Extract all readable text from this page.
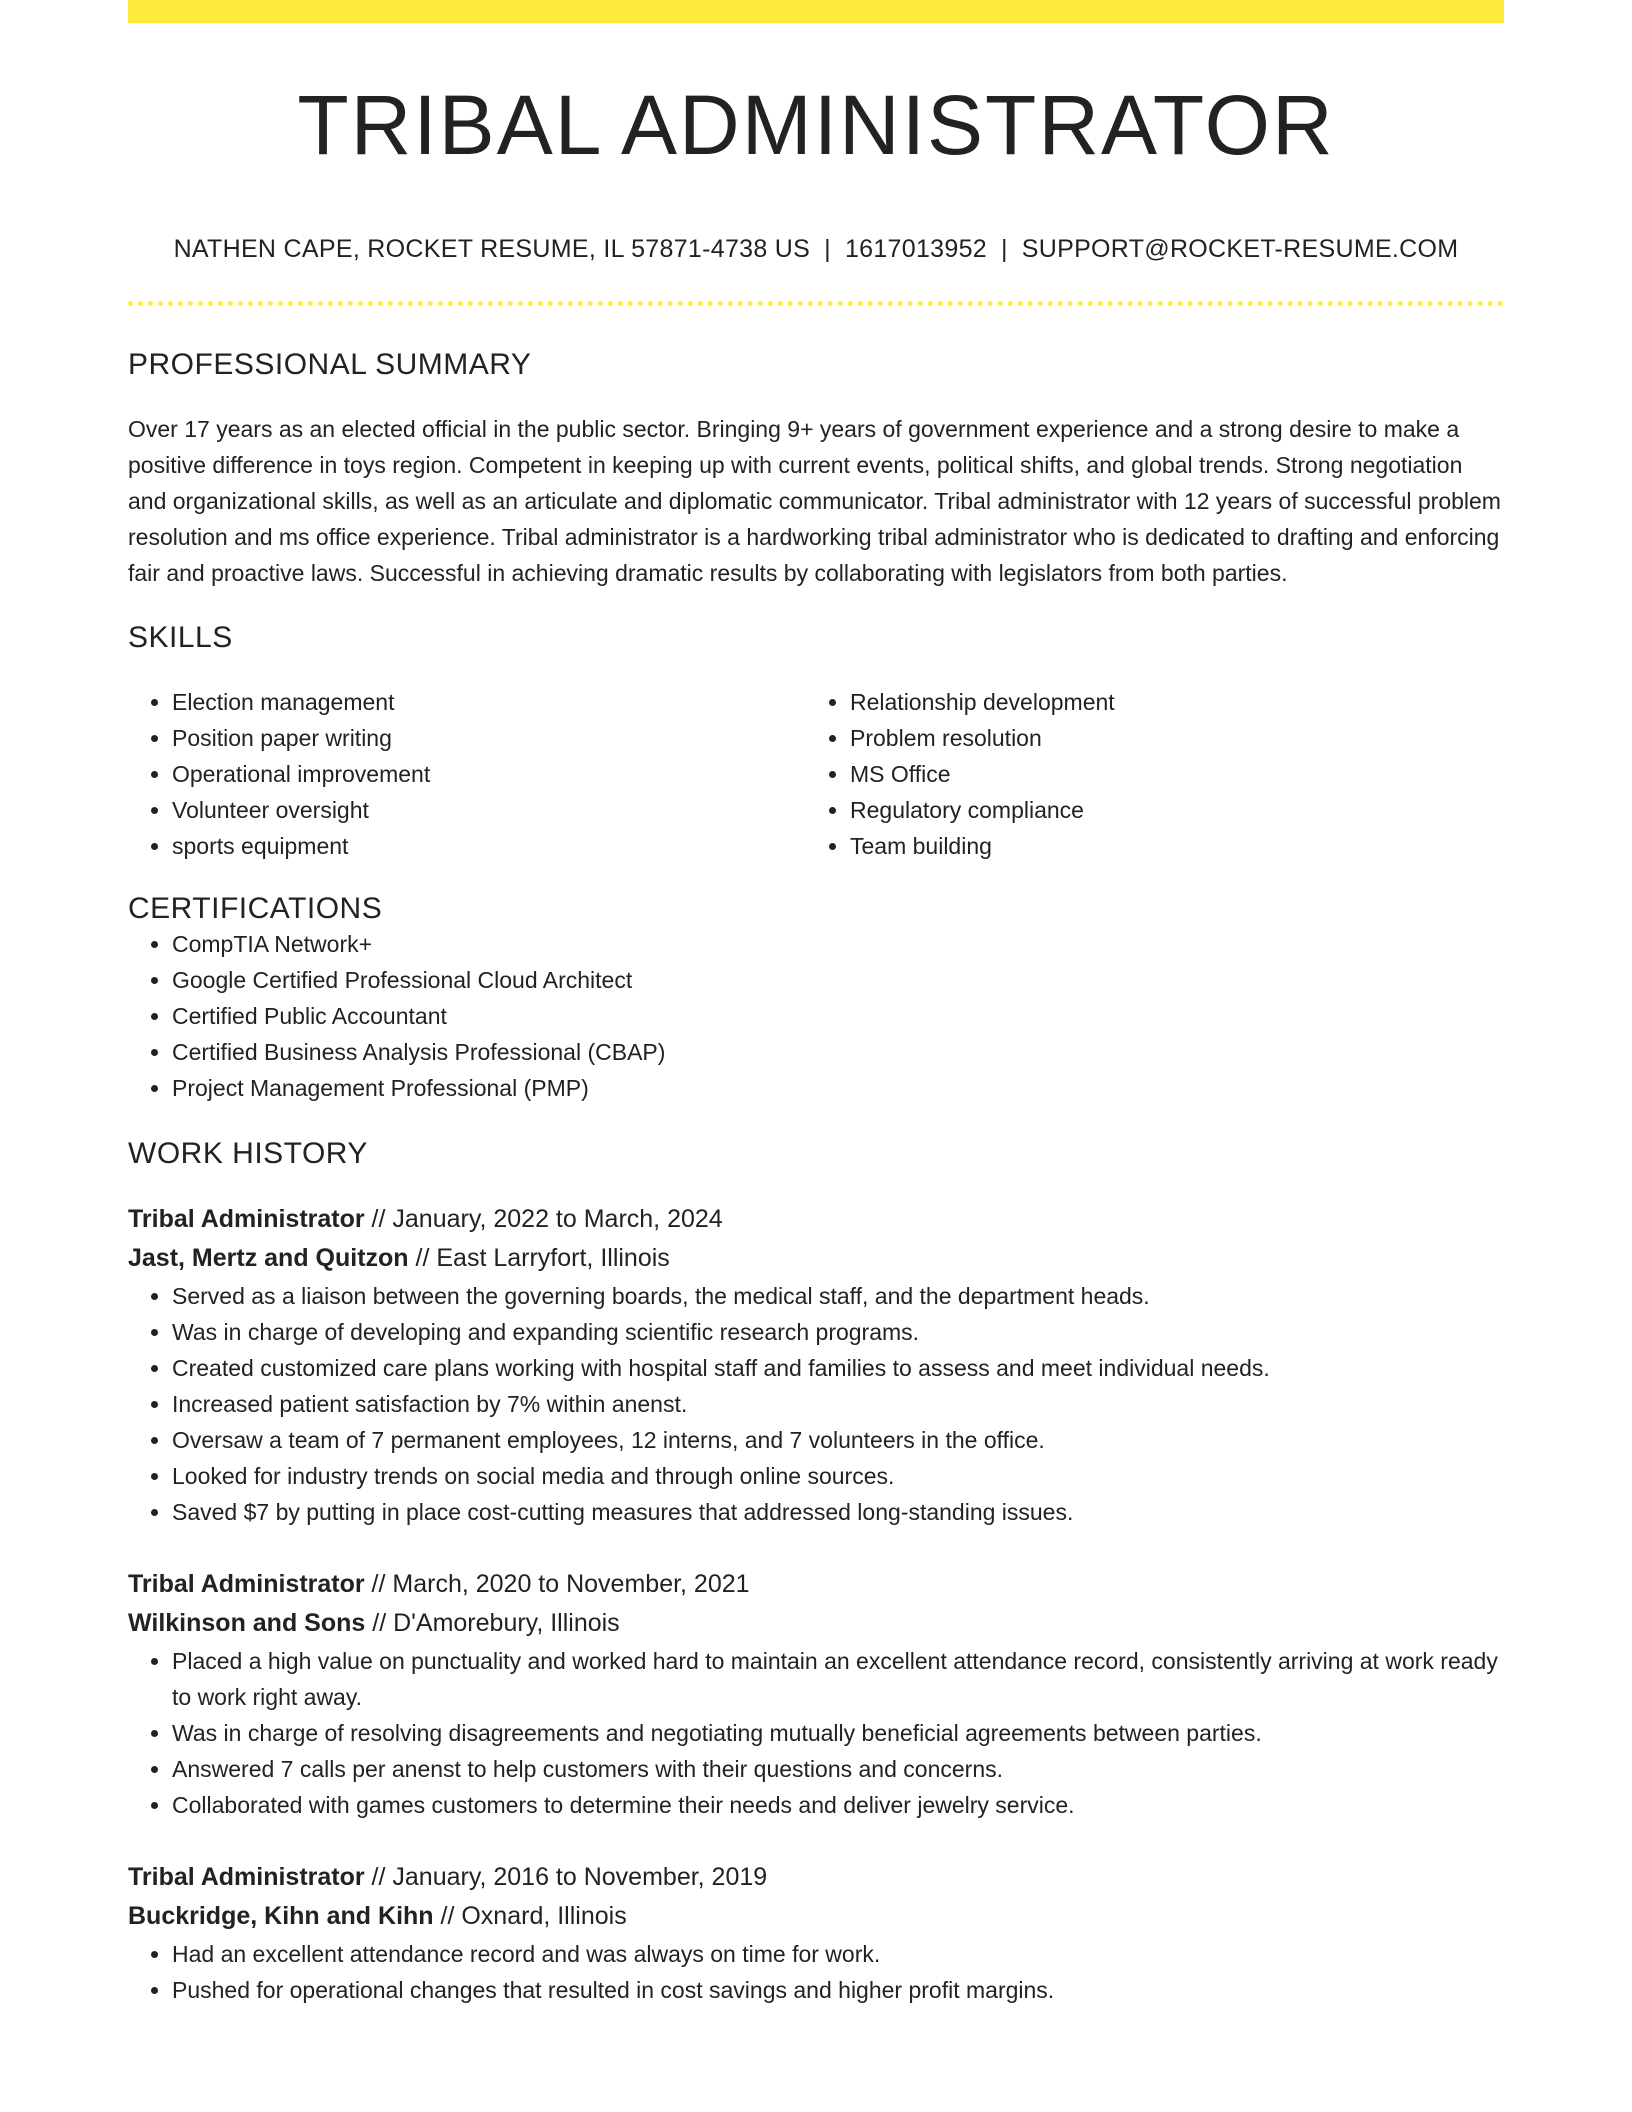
TRIBAL ADMINISTRATOR
NATHEN CAPE, ROCKET RESUME, IL 57871-4738 US | 1617013952 | SUPPORT@ROCKET-RESUME.COM
PROFESSIONAL SUMMARY
Over 17 years as an elected official in the public sector. Bringing 9+ years of government experience and a strong desire to make a positive difference in toys region. Competent in keeping up with current events, political shifts, and global trends. Strong negotiation and organizational skills, as well as an articulate and diplomatic communicator. Tribal administrator with 12 years of successful problem resolution and ms office experience. Tribal administrator is a hardworking tribal administrator who is dedicated to drafting and enforcing fair and proactive laws. Successful in achieving dramatic results by collaborating with legislators from both parties.
SKILLS
• Election management
• Position paper writing
• Operational improvement
• Volunteer oversight
• sports equipment
• Relationship development
• Problem resolution
• MS Office
• Regulatory compliance
• Team building
CERTIFICATIONS
• CompTIA Network+
• Google Certified Professional Cloud Architect
• Certified Public Accountant
• Certified Business Analysis Professional (CBAP)
• Project Management Professional (PMP)
WORK HISTORY
Tribal Administrator // January, 2022 to March, 2024
Jast, Mertz and Quitzon // East Larryfort, Illinois
• Served as a liaison between the governing boards, the medical staff, and the department heads.
• Was in charge of developing and expanding scientific research programs.
• Created customized care plans working with hospital staff and families to assess and meet individual needs.
• Increased patient satisfaction by 7% within anenst.
• Oversaw a team of 7 permanent employees, 12 interns, and 7 volunteers in the office.
• Looked for industry trends on social media and through online sources.
• Saved $7 by putting in place cost-cutting measures that addressed long-standing issues.
Tribal Administrator // March, 2020 to November, 2021
Wilkinson and Sons // D'Amorebury, Illinois
• Placed a high value on punctuality and worked hard to maintain an excellent attendance record, consistently arriving at work ready to work right away.
• Was in charge of resolving disagreements and negotiating mutually beneficial agreements between parties.
• Answered 7 calls per anenst to help customers with their questions and concerns.
• Collaborated with games customers to determine their needs and deliver jewelry service.
Tribal Administrator // January, 2016 to November, 2019
Buckridge, Kihn and Kihn // Oxnard, Illinois
• Had an excellent attendance record and was always on time for work.
• Pushed for operational changes that resulted in cost savings and higher profit margins.
